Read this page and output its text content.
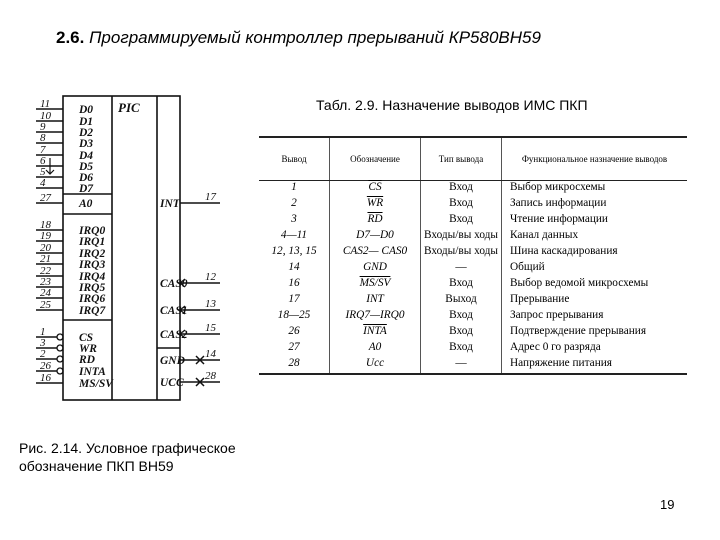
2.6. Программируемый контроллер прерываний КР580ВН59
Табл. 2.9. Назначение выводов ИМС ПКП
PIC
11	D0
10 D1
9	D2
8	D3
7	D4
6	D5
5	D6
4	D7
27 A0
18 IRQ0
19 IRQ1
20 IRQ2
21 IRQ3
22 IRQ4
23 IRQ5
24 IRQ6
25 IRQ7
1	CS
3	WR
2	RD
26 INTA
16 MS/SV
17
INT
12
CAS0
13
CAS1
15
CAS2
14
GND
28
UCC
Вывод	Обозначение	Тип вывода	Функциональное назначение выводов
1	$\overline{CS}$	Вход	Выбор микросхемы
2	$\overline{WR}$	Вход	Запись информации
3	$\overline{RD}$	Вход	Чтение информации
4—11	D7—D0	Входы/вы ходы	Канал данных
12, 13, 15	CAS2— CAS0	Входы/вы ходы	Шина каскадирования
14	GND	—	Общий
16	MS/SV	Вход	Выбор ведомой микросхемы
17	INT	Выход	Прерывание
18—25	IRQ7—IRQ0	Вход	Запрос прерывания
26	INTA	Вход	Подтверждение прерывания
27	A0	Вход	Адрес 0 го разряда
28	Ucc	—	Напряжение питания
Рис. 2.14. Условное графическое обозначение ПКП ВН59
19
